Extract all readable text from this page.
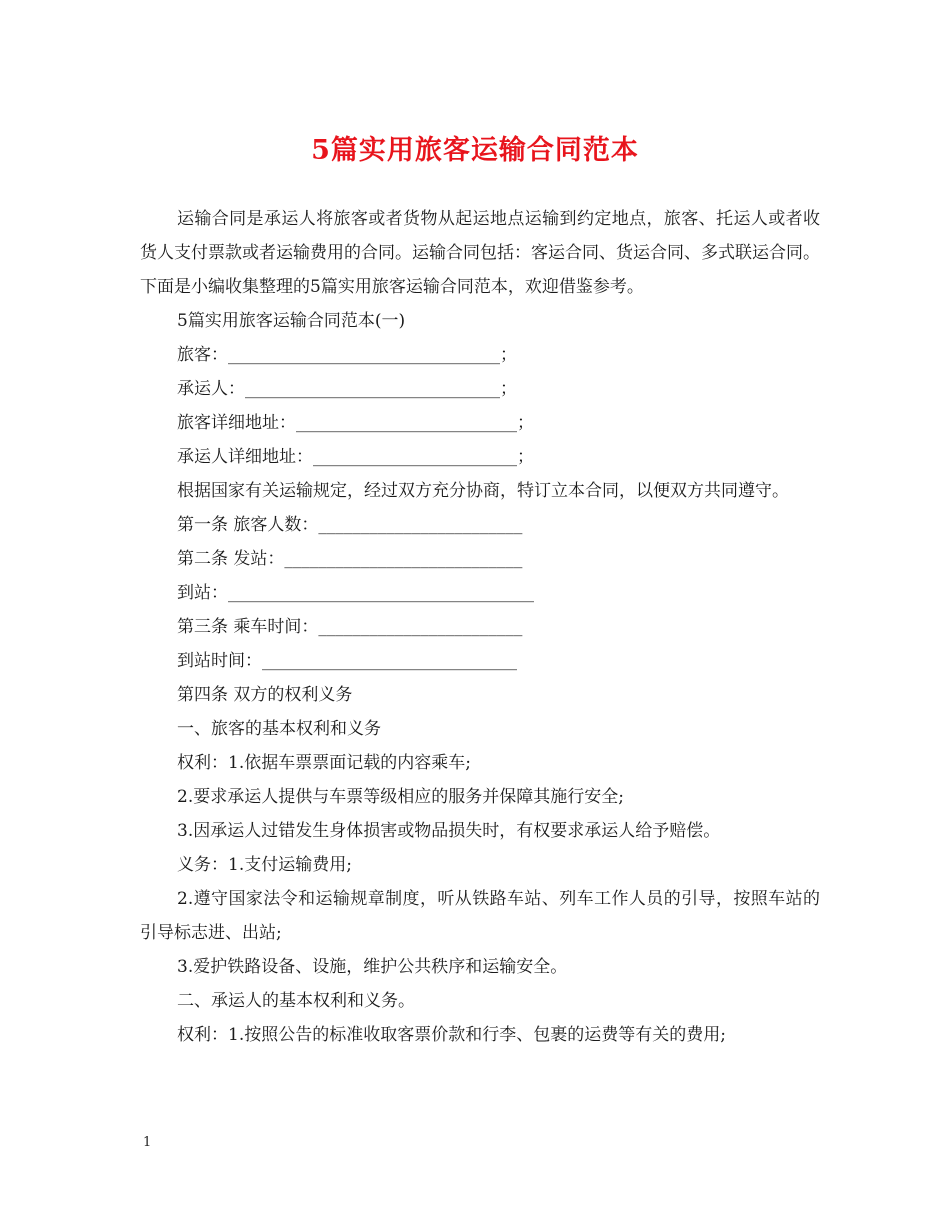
5篇实用旅客运输合同范本

运输合同是承运人将旅客或者货物从起运地点运输到约定地点，旅客、托运人或者收货人支付票款或者运输费用的合同。运输合同包括：客运合同、货运合同、多式联运合同。下面是小编收集整理的5篇实用旅客运输合同范本，欢迎借鉴参考。

5篇实用旅客运输合同范本(一)

旅客：________________________________；

承运人：______________________________；

旅客详细地址：__________________________；

承运人详细地址：________________________；

根据国家有关运输规定，经过双方充分协商，特订立本合同，以便双方共同遵守。

第一条 旅客人数：________________________

第二条 发站：____________________________

到站：____________________________________

第三条 乘车时间：________________________

到站时间：______________________________

第四条 双方的权利义务

一、旅客的基本权利和义务

权利：1.依据车票票面记载的内容乘车;

2.要求承运人提供与车票等级相应的服务并保障其施行安全;

3.因承运人过错发生身体损害或物品损失时，有权要求承运人给予赔偿。

义务：1.支付运输费用;

2.遵守国家法令和运输规章制度，听从铁路车站、列车工作人员的引导，按照车站的引导标志进、出站;

3.爱护铁路设备、设施，维护公共秩序和运输安全。

二、承运人的基本权利和义务。

权利：1.按照公告的标准收取客票价款和行李、包裹的运费等有关的费用;

1
